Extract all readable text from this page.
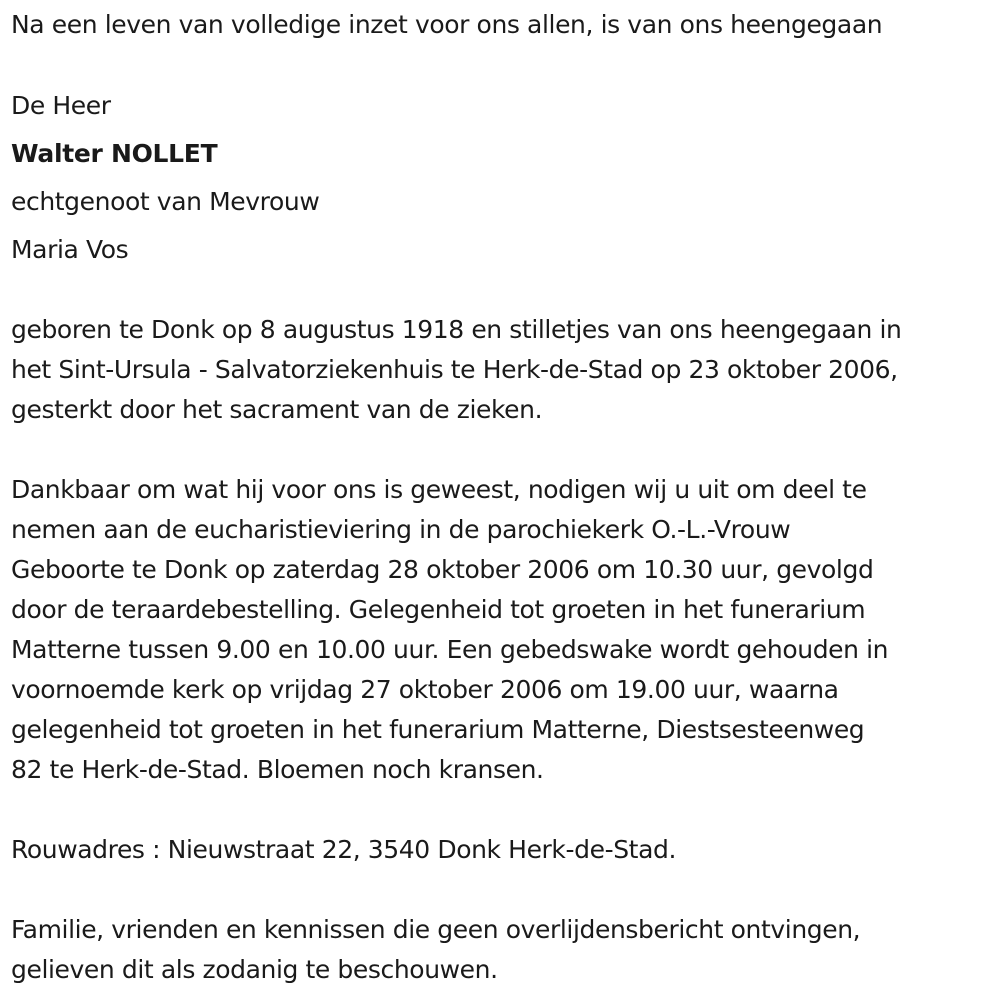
Na een leven van volledige inzet voor ons allen, is van ons heengegaan
De Heer
Walter NOLLET
echtgenoot van Mevrouw
Maria Vos
geboren te Donk op 8 augustus 1918 en stilletjes van ons heengegaan in
het Sint-Ursula - Salvatorziekenhuis te Herk-de-Stad op 23 oktober 2006,
gesterkt door het sacrament van de zieken.
Dankbaar om wat hij voor ons is geweest, nodigen wij u uit om deel te
nemen aan de eucharistieviering in de parochiekerk O.-L.-Vrouw
Geboorte te Donk op zaterdag 28 oktober 2006 om 10.30 uur, gevolgd
door de teraardebestelling. Gelegenheid tot groeten in het funerarium
Matterne tussen 9.00 en 10.00 uur. Een gebedswake wordt gehouden in
voornoemde kerk op vrijdag 27 oktober 2006 om 19.00 uur, waarna
gelegenheid tot groeten in het funerarium Matterne, Diestsesteenweg
82 te Herk-de-Stad. Bloemen noch kransen.
Rouwadres : Nieuwstraat 22, 3540 Donk Herk-de-Stad.
Familie, vrienden en kennissen die geen overlijdensbericht ontvingen,
gelieven dit als zodanig te beschouwen.
